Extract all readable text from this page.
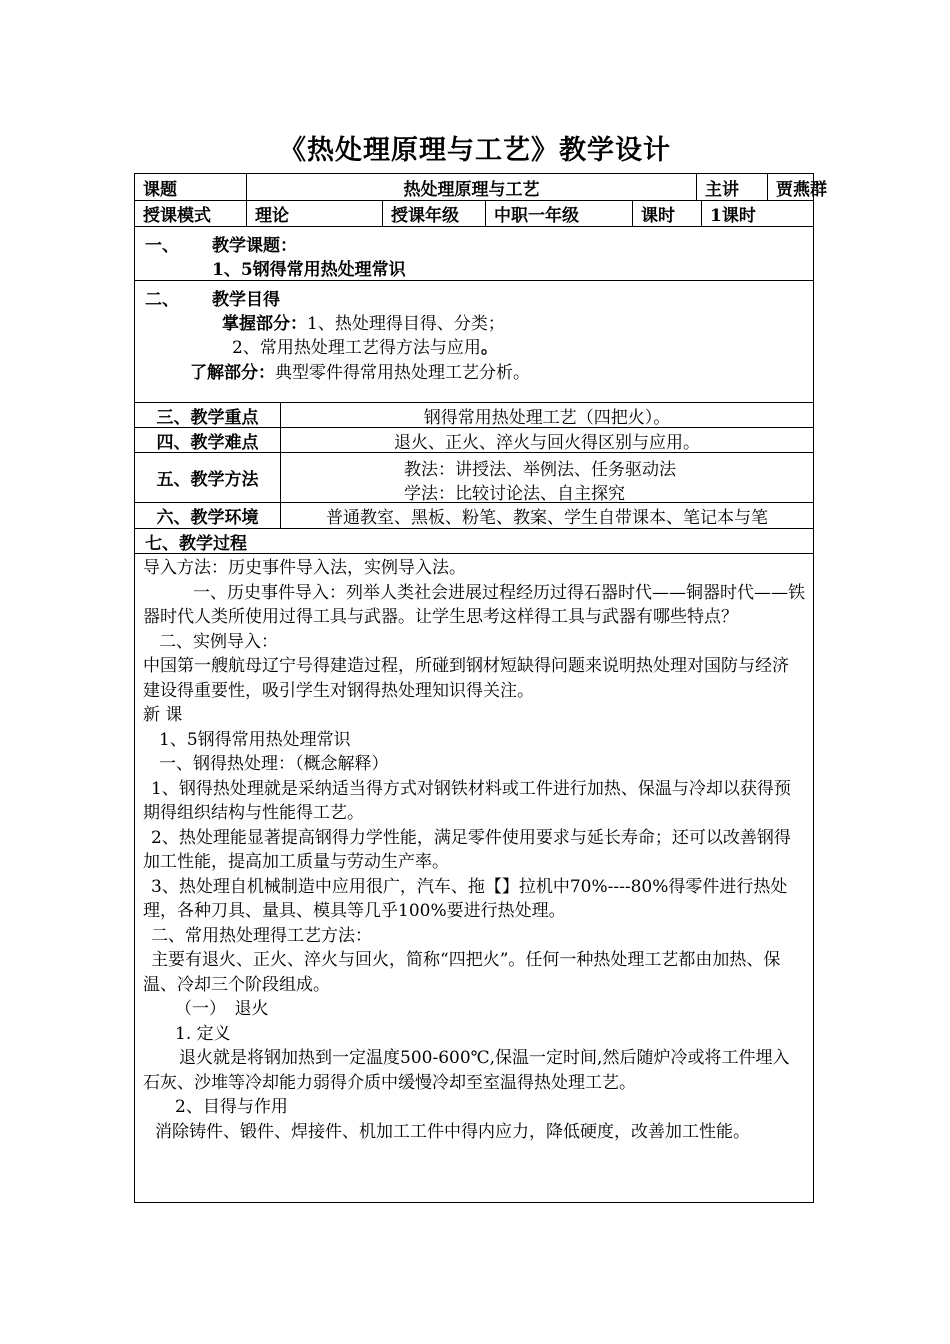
《热处理原理与工艺》教学设计
课题	热处理原理与工艺	主讲	贾燕群
授课模式	理论	授课年级	中职一年级	课时	1课时
一、 教学课题：
1、5钢得常用热处理常识
二、 教学目得
掌握部分：1、热处理得目得、分类；
2、常用热处理工艺得方法与应用。
了解部分：典型零件得常用热处理工艺分析。
三、教学重点	钢得常用热处理工艺（四把火）。
四、教学难点	退火、正火、淬火与回火得区别与应用。
五、教学方法	教法：讲授法、举例法、任务驱动法
学法：比较讨论法、自主探究
六、教学环境	普通教室、黑板、粉笔、教案、学生自带课本、笔记本与笔
七、教学过程

导入方法：历史事件导入法，实例导入法。

一、历史事件导入：列举人类社会进展过程经历过得石器时代——铜器时代——铁器时代人类所使用过得工具与武器。让学生思考这样得工具与武器有哪些特点？

二、实例导入：

中国第一艘航母辽宁号得建造过程，所碰到钢材短缺得问题来说明热处理对国防与经济建设得重要性，吸引学生对钢得热处理知识得关注。

新 课

1、5钢得常用热处理常识

一、钢得热处理：（概念解释）

1、钢得热处理就是采纳适当得方式对钢铁材料或工件进行加热、保温与冷却以获得预期得组织结构与性能得工艺。

2、热处理能显著提高钢得力学性能，满足零件使用要求与延长寿命；还可以改善钢得加工性能，提高加工质量与劳动生产率。

3、热处理自机械制造中应用很广，汽车、拖【】拉机中70%----80%得零件进行热处理，各种刀具、量具、模具等几乎100%要进行热处理。

二、常用热处理得工艺方法：

主要有退火、正火、淬火与回火，简称“四把火”。任何一种热处理工艺都由加热、保温、冷却三个阶段组成。

（一）　退火

1. 定义

退火就是将钢加热到一定温度500-600℃,保温一定时间,然后随炉冷或将工件埋入石灰、沙堆等冷却能力弱得介质中缓慢冷却至室温得热处理工艺。

2、目得与作用

消除铸件、锻件、焊接件、机加工工件中得内应力，降低硬度，改善加工性能。
